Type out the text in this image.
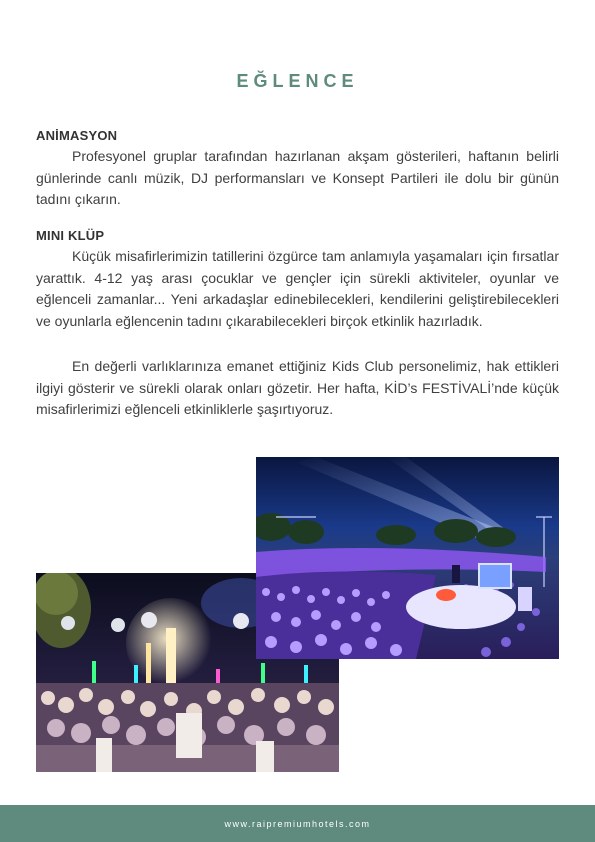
EĞLENCE
ANİMASYON

Profesyonel gruplar tarafından hazırlanan akşam gösterileri, haftanın belirli günlerinde canlı müzik, DJ performansları ve Konsept Partileri ile dolu bir günün tadını çıkarın.

MINI KLÜP

Küçük misafirlerimizin tatillerini özgürce tam anlamıyla yaşamaları için fırsatlar yarattık. 4-12 yaş arası çocuklar ve gençler için sürekli aktiviteler, oyunlar ve eğlenceli zamanlar... Yeni arkadaşlar edinebilecekleri, kendilerini geliştirebilecekleri ve oyunlarla eğlencenin tadını çıkarabilecekleri birçok etkinlik hazırladık.

En değerli varlıklarınıza emanet ettiğiniz Kids Club personelimiz, hak ettikleri ilgiyi gösterir ve sürekli olarak onları gözetir. Her hafta, KİD’s FESTİVALİ’nde küçük misafirlerimizi eğlenceli etkinliklerle şaşırtıyoruz.

www.raipremiumhotels.com
